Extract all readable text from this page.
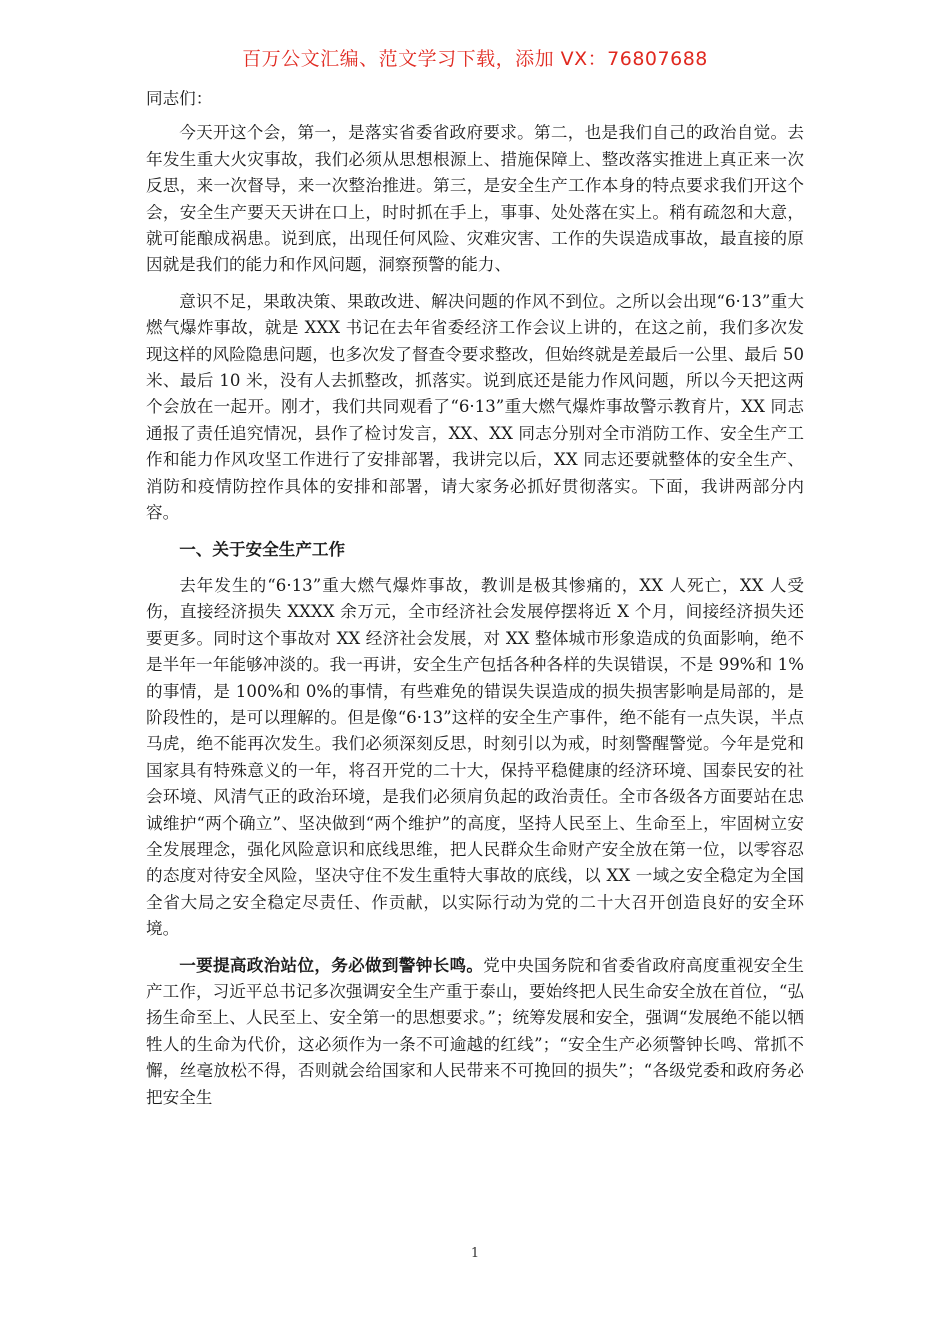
百万公文汇编、范文学习下载，添加 VX：76807688

同志们：

今天开这个会，第一，是落实省委省政府要求。第二，也是我们自己的政治自觉。去年发生重大火灾事故，我们必须从思想根源上、措施保障上、整改落实推进上真正来一次反思，来一次督导，来一次整治推进。第三，是安全生产工作本身的特点要求我们开这个会，安全生产要天天讲在口上，时时抓在手上，事事、处处落在实上。稍有疏忽和大意，就可能酿成祸患。说到底，出现任何风险、灾难灾害、工作的失误造成事故，最直接的原因就是我们的能力和作风问题，洞察预警的能力、

意识不足，果敢决策、果敢改进、解决问题的作风不到位。之所以会出现“6·13”重大燃气爆炸事故，就是 XXX 书记在去年省委经济工作会议上讲的，在这之前，我们多次发现这样的风险隐患问题，也多次发了督查令要求整改，但始终就是差最后一公里、最后 50 米、最后 10 米，没有人去抓整改，抓落实。说到底还是能力作风问题，所以今天把这两个会放在一起开。刚才，我们共同观看了“6·13”重大燃气爆炸事故警示教育片，XX 同志通报了责任追究情况，县作了检讨发言，XX、XX 同志分别对全市消防工作、安全生产工作和能力作风攻坚工作进行了安排部署，我讲完以后，XX 同志还要就整体的安全生产、消防和疫情防控作具体的安排和部署，请大家务必抓好贯彻落实。下面，我讲两部分内容。

一、关于安全生产工作

去年发生的“6·13”重大燃气爆炸事故，教训是极其惨痛的，XX 人死亡，XX 人受伤，直接经济损失 XXXX 余万元，全市经济社会发展停摆将近 X 个月，间接经济损失还要更多。同时这个事故对 XX 经济社会发展，对 XX 整体城市形象造成的负面影响，绝不是半年一年能够冲淡的。我一再讲，安全生产包括各种各样的失误错误，不是 99%和 1%的事情，是 100%和 0%的事情，有些难免的错误失误造成的损失损害影响是局部的，是阶段性的，是可以理解的。但是像“6·13”这样的安全生产事件，绝不能有一点失误，半点马虎，绝不能再次发生。我们必须深刻反思，时刻引以为戒，时刻警醒警觉。今年是党和国家具有特殊意义的一年，将召开党的二十大，保持平稳健康的经济环境、国泰民安的社会环境、风清气正的政治环境，是我们必须肩负起的政治责任。全市各级各方面要站在忠诚维护“两个确立”、坚决做到“两个维护”的高度，坚持人民至上、生命至上，牢固树立安全发展理念，强化风险意识和底线思维，把人民群众生命财产安全放在第一位，以零容忍的态度对待安全风险，坚决守住不发生重特大事故的底线，以 XX 一域之安全稳定为全国全省大局之安全稳定尽责任、作贡献，以实际行动为党的二十大召开创造良好的安全环境。

一要提高政治站位，务必做到警钟长鸣。党中央国务院和省委省政府高度重视安全生产工作，习近平总书记多次强调安全生产重于泰山，要始终把人民生命安全放在首位，“弘扬生命至上、人民至上、安全第一的思想要求。”；统筹发展和安全，强调“发展绝不能以牺牲人的生命为代价，这必须作为一条不可逾越的红线”；“安全生产必须警钟长鸣、常抓不懈，丝毫放松不得，否则就会给国家和人民带来不可挽回的损失”；“各级党委和政府务必把安全生

1
